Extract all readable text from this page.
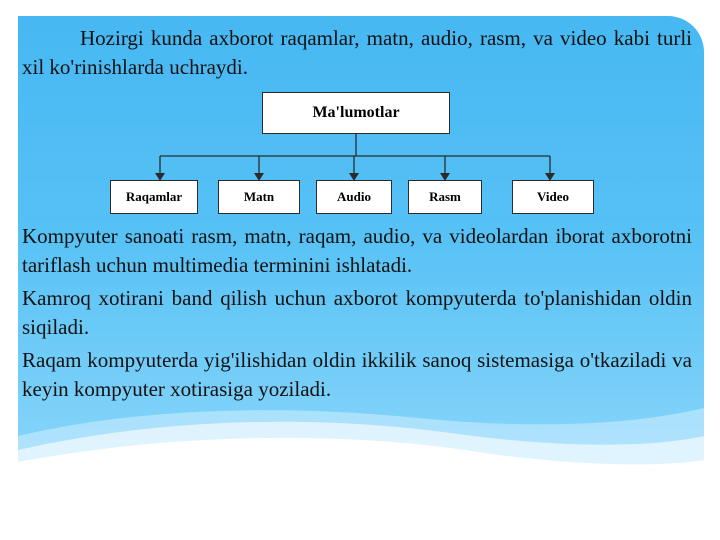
Hozirgi kunda axborot raqamlar, matn, audio, rasm, va video kabi turli xil ko'rinishlarda uchraydi.

Ma'lumotlar
Raqamlar	Matn	Audio	Rasm	Video

Kompyuter sanoati rasm, matn, raqam, audio, va videolardan iborat axborotni tariflash uchun multimedia terminini ishlatadi.

Kamroq xotirani band qilish uchun axborot kompyuterda to'planishidan oldin siqiladi.

Raqam kompyuterda yig'ilishidan oldin ikkilik sanoq sistemasiga o'tkaziladi va keyin kompyuter xotirasiga yoziladi.
